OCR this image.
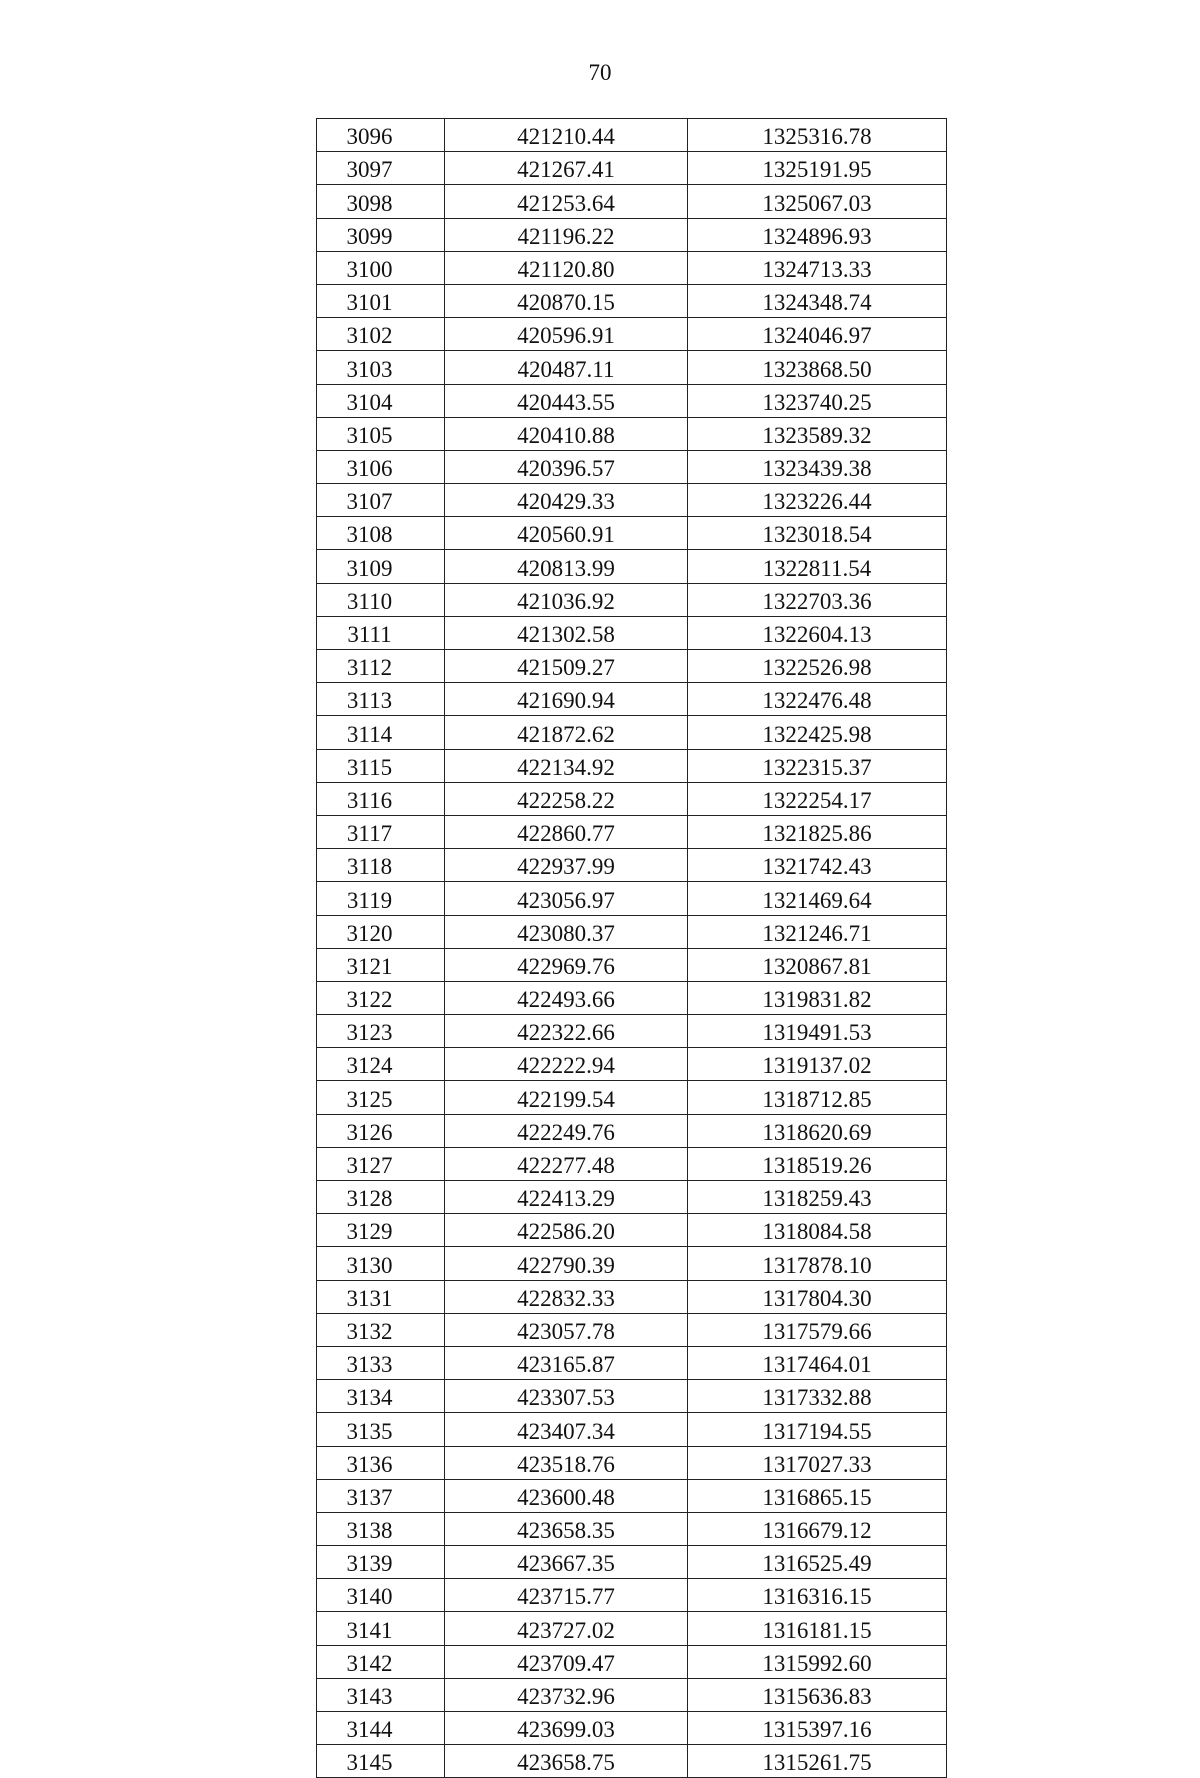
70
3096	421210.44	1325316.78
3097	421267.41	1325191.95
3098	421253.64	1325067.03
3099	421196.22	1324896.93
3100	421120.80	1324713.33
3101	420870.15	1324348.74
3102	420596.91	1324046.97
3103	420487.11	1323868.50
3104	420443.55	1323740.25
3105	420410.88	1323589.32
3106	420396.57	1323439.38
3107	420429.33	1323226.44
3108	420560.91	1323018.54
3109	420813.99	1322811.54
3110	421036.92	1322703.36
3111	421302.58	1322604.13
3112	421509.27	1322526.98
3113	421690.94	1322476.48
3114	421872.62	1322425.98
3115	422134.92	1322315.37
3116	422258.22	1322254.17
3117	422860.77	1321825.86
3118	422937.99	1321742.43
3119	423056.97	1321469.64
3120	423080.37	1321246.71
3121	422969.76	1320867.81
3122	422493.66	1319831.82
3123	422322.66	1319491.53
3124	422222.94	1319137.02
3125	422199.54	1318712.85
3126	422249.76	1318620.69
3127	422277.48	1318519.26
3128	422413.29	1318259.43
3129	422586.20	1318084.58
3130	422790.39	1317878.10
3131	422832.33	1317804.30
3132	423057.78	1317579.66
3133	423165.87	1317464.01
3134	423307.53	1317332.88
3135	423407.34	1317194.55
3136	423518.76	1317027.33
3137	423600.48	1316865.15
3138	423658.35	1316679.12
3139	423667.35	1316525.49
3140	423715.77	1316316.15
3141	423727.02	1316181.15
3142	423709.47	1315992.60
3143	423732.96	1315636.83
3144	423699.03	1315397.16
3145	423658.75	1315261.75
